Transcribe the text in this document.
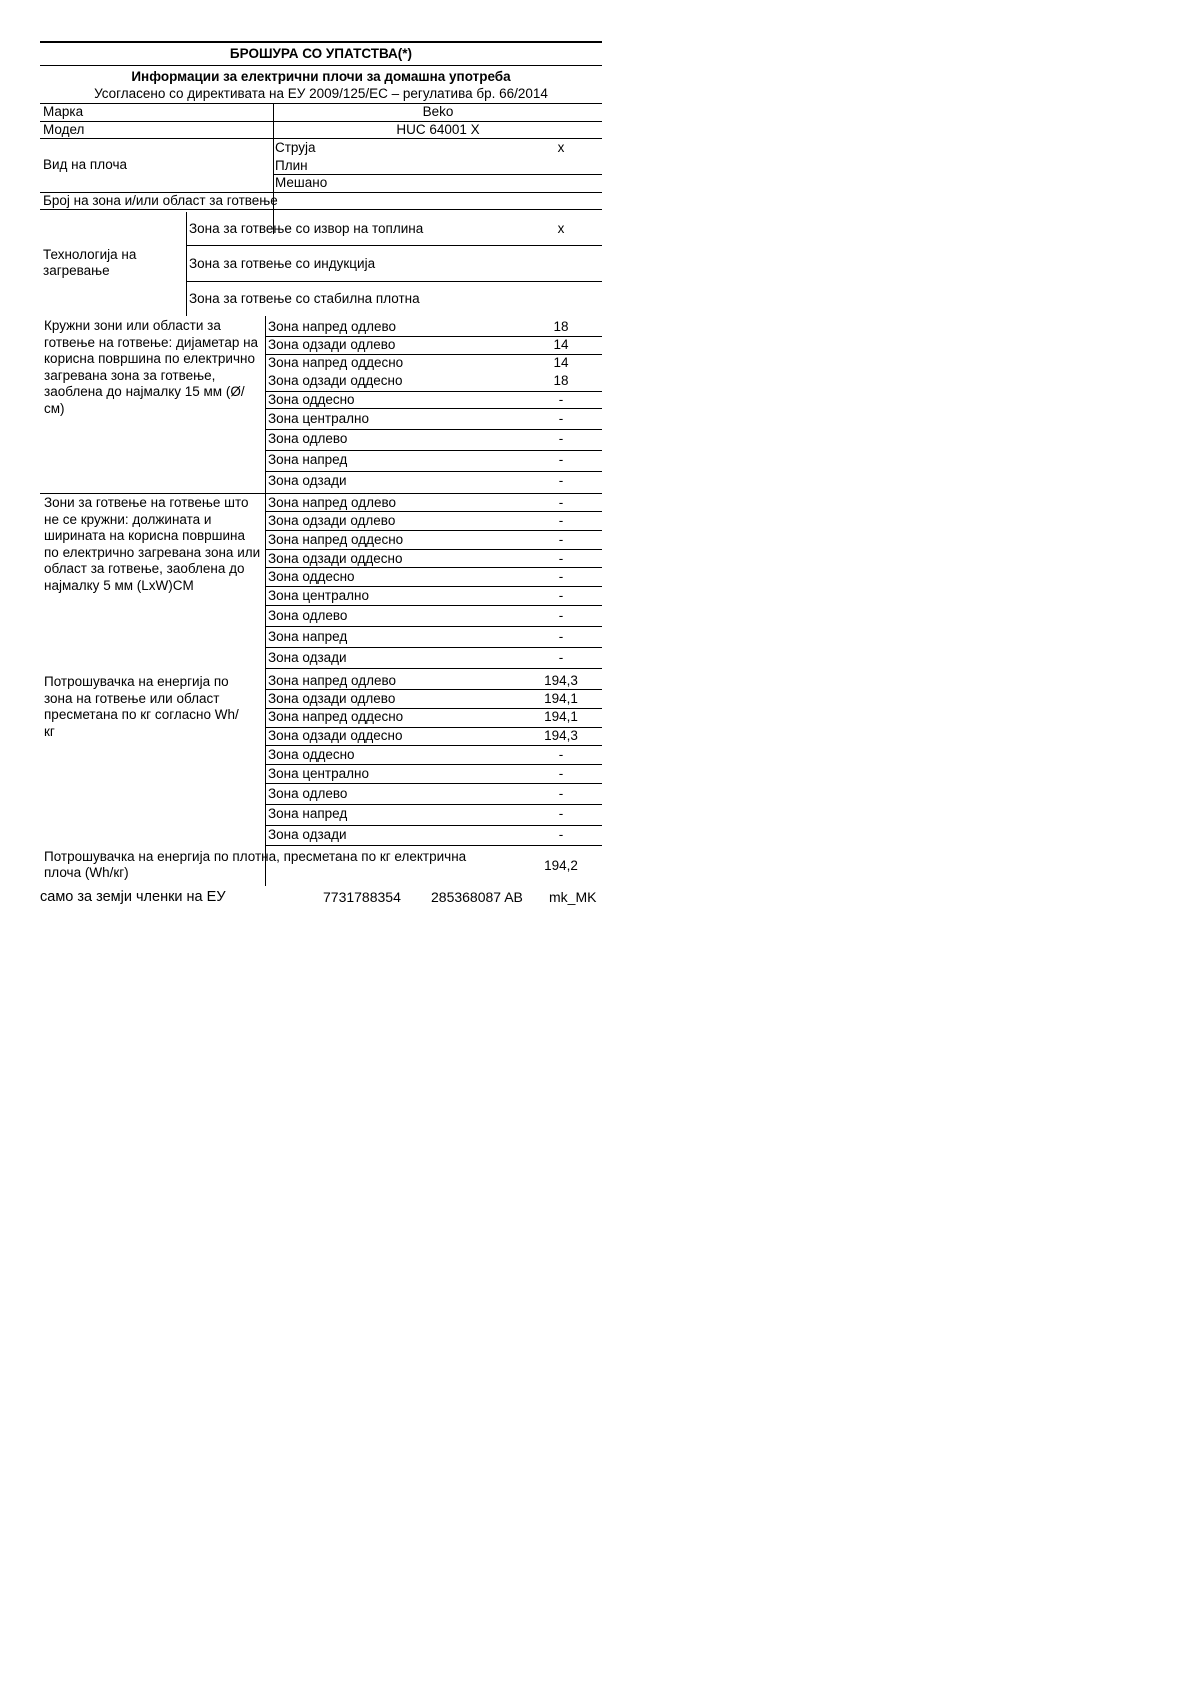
БРОШУРА СО УПАТСТВА(*)
Информации за електрични плочи за домашна употреба
Усогласено со директивата на ЕУ 2009/125/ЕС – регулатива бр. 66/2014
Марка	Beko
Модел	HUC 64001 X
Вид на плоча
Струја	x
Плин
Мешано
Број на зона и/или област за готвење
Технологија на загревање
Зона за готвење со извор на топлина	x
Зона за готвење со индукција
Зона за готвење со стабилна плотна
Кружни зони или области за готвење на готвење: дијаметар на корисна површина по електрично загревана зона за готвење, заоблена до најмалку 15 мм (Ø/см)
Зона напред одлево	18
Зона одзади одлево	14
Зона напред оддесно	14
Зона одзади оддесно	18
Зона оддесно	-
Зона централно	-
Зона одлево	-
Зона напред	-
Зона одзади	-
Зони за готвење на готвење што не се кружни: должината и ширината на корисна површина по електрично загревана зона или област за готвење, заоблена до најмалку 5 мм (LxW)CM
Зона напред одлево	-
Зона одзади одлево	-
Зона напред оддесно	-
Зона одзади оддесно	-
Зона оддесно	-
Зона централно	-
Зона одлево	-
Зона напред	-
Зона одзади	-
Потрошувачка на енергија по зона на готвење или област пресметана по кг согласно Wh/кг
Зона напред одлево	194,3
Зона одзади одлево	194,1
Зона напред оддесно	194,1
Зона одзади оддесно	194,3
Зона оддесно	-
Зона централно	-
Зона одлево	-
Зона напред	-
Зона одзади	-
Потрошувачка на енергија по плотна, пресметана по кг електрична плоча (Wh/кг)	194,2
само за земји членки на ЕУ	7731788354 285368087 AB mk_MK
